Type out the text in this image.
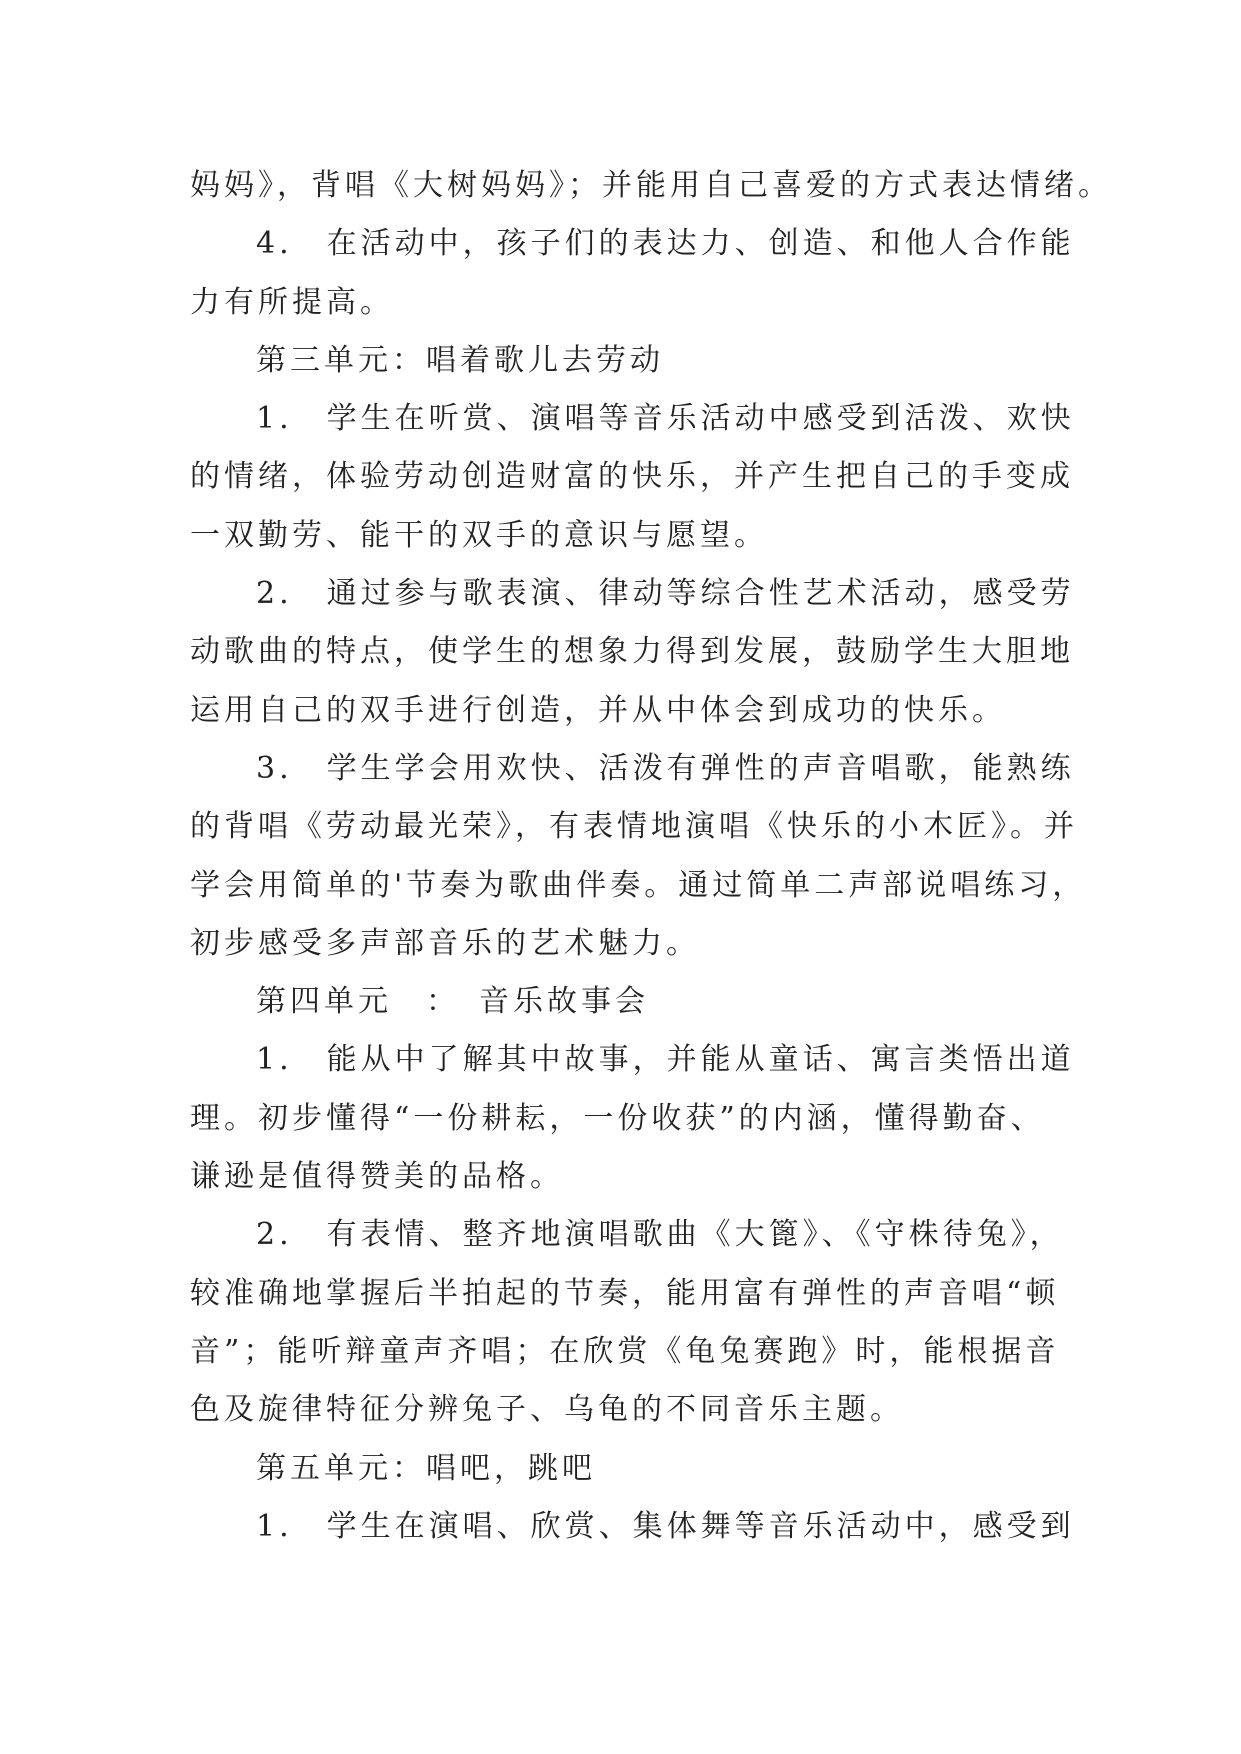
妈妈》，背唱《大树妈妈》；并能用自己喜爱的方式表达情绪。
4.　在活动中，孩子们的表达力、创造、和他人合作能
力有所提高。
第三单元：唱着歌儿去劳动
1.　学生在听赏、演唱等音乐活动中感受到活泼、欢快
的情绪，体验劳动创造财富的快乐，并产生把自己的手变成
一双勤劳、能干的双手的意识与愿望。
2.　通过参与歌表演、律动等综合性艺术活动，感受劳
动歌曲的特点，使学生的想象力得到发展，鼓励学生大胆地
运用自己的双手进行创造，并从中体会到成功的快乐。
3.　学生学会用欢快、活泼有弹性的声音唱歌，能熟练
的背唱《劳动最光荣》，有表情地演唱《快乐的小木匠》。并
学会用简单的'节奏为歌曲伴奏。通过简单二声部说唱练习，
初步感受多声部音乐的艺术魅力。
第四单元　：　音乐故事会
1.　能从中了解其中故事，并能从童话、寓言类悟出道
理。初步懂得“一份耕耘，一份收获”的内涵，懂得勤奋、
谦逊是值得赞美的品格。
2.　有表情、整齐地演唱歌曲《大篦》、《守株待兔》，
较准确地掌握后半拍起的节奏，能用富有弹性的声音唱“顿
音”；能听辩童声齐唱；在欣赏《龟兔赛跑》时，能根据音
色及旋律特征分辨兔子、乌龟的不同音乐主题。
第五单元：唱吧，跳吧
1.　学生在演唱、欣赏、集体舞等音乐活动中，感受到
